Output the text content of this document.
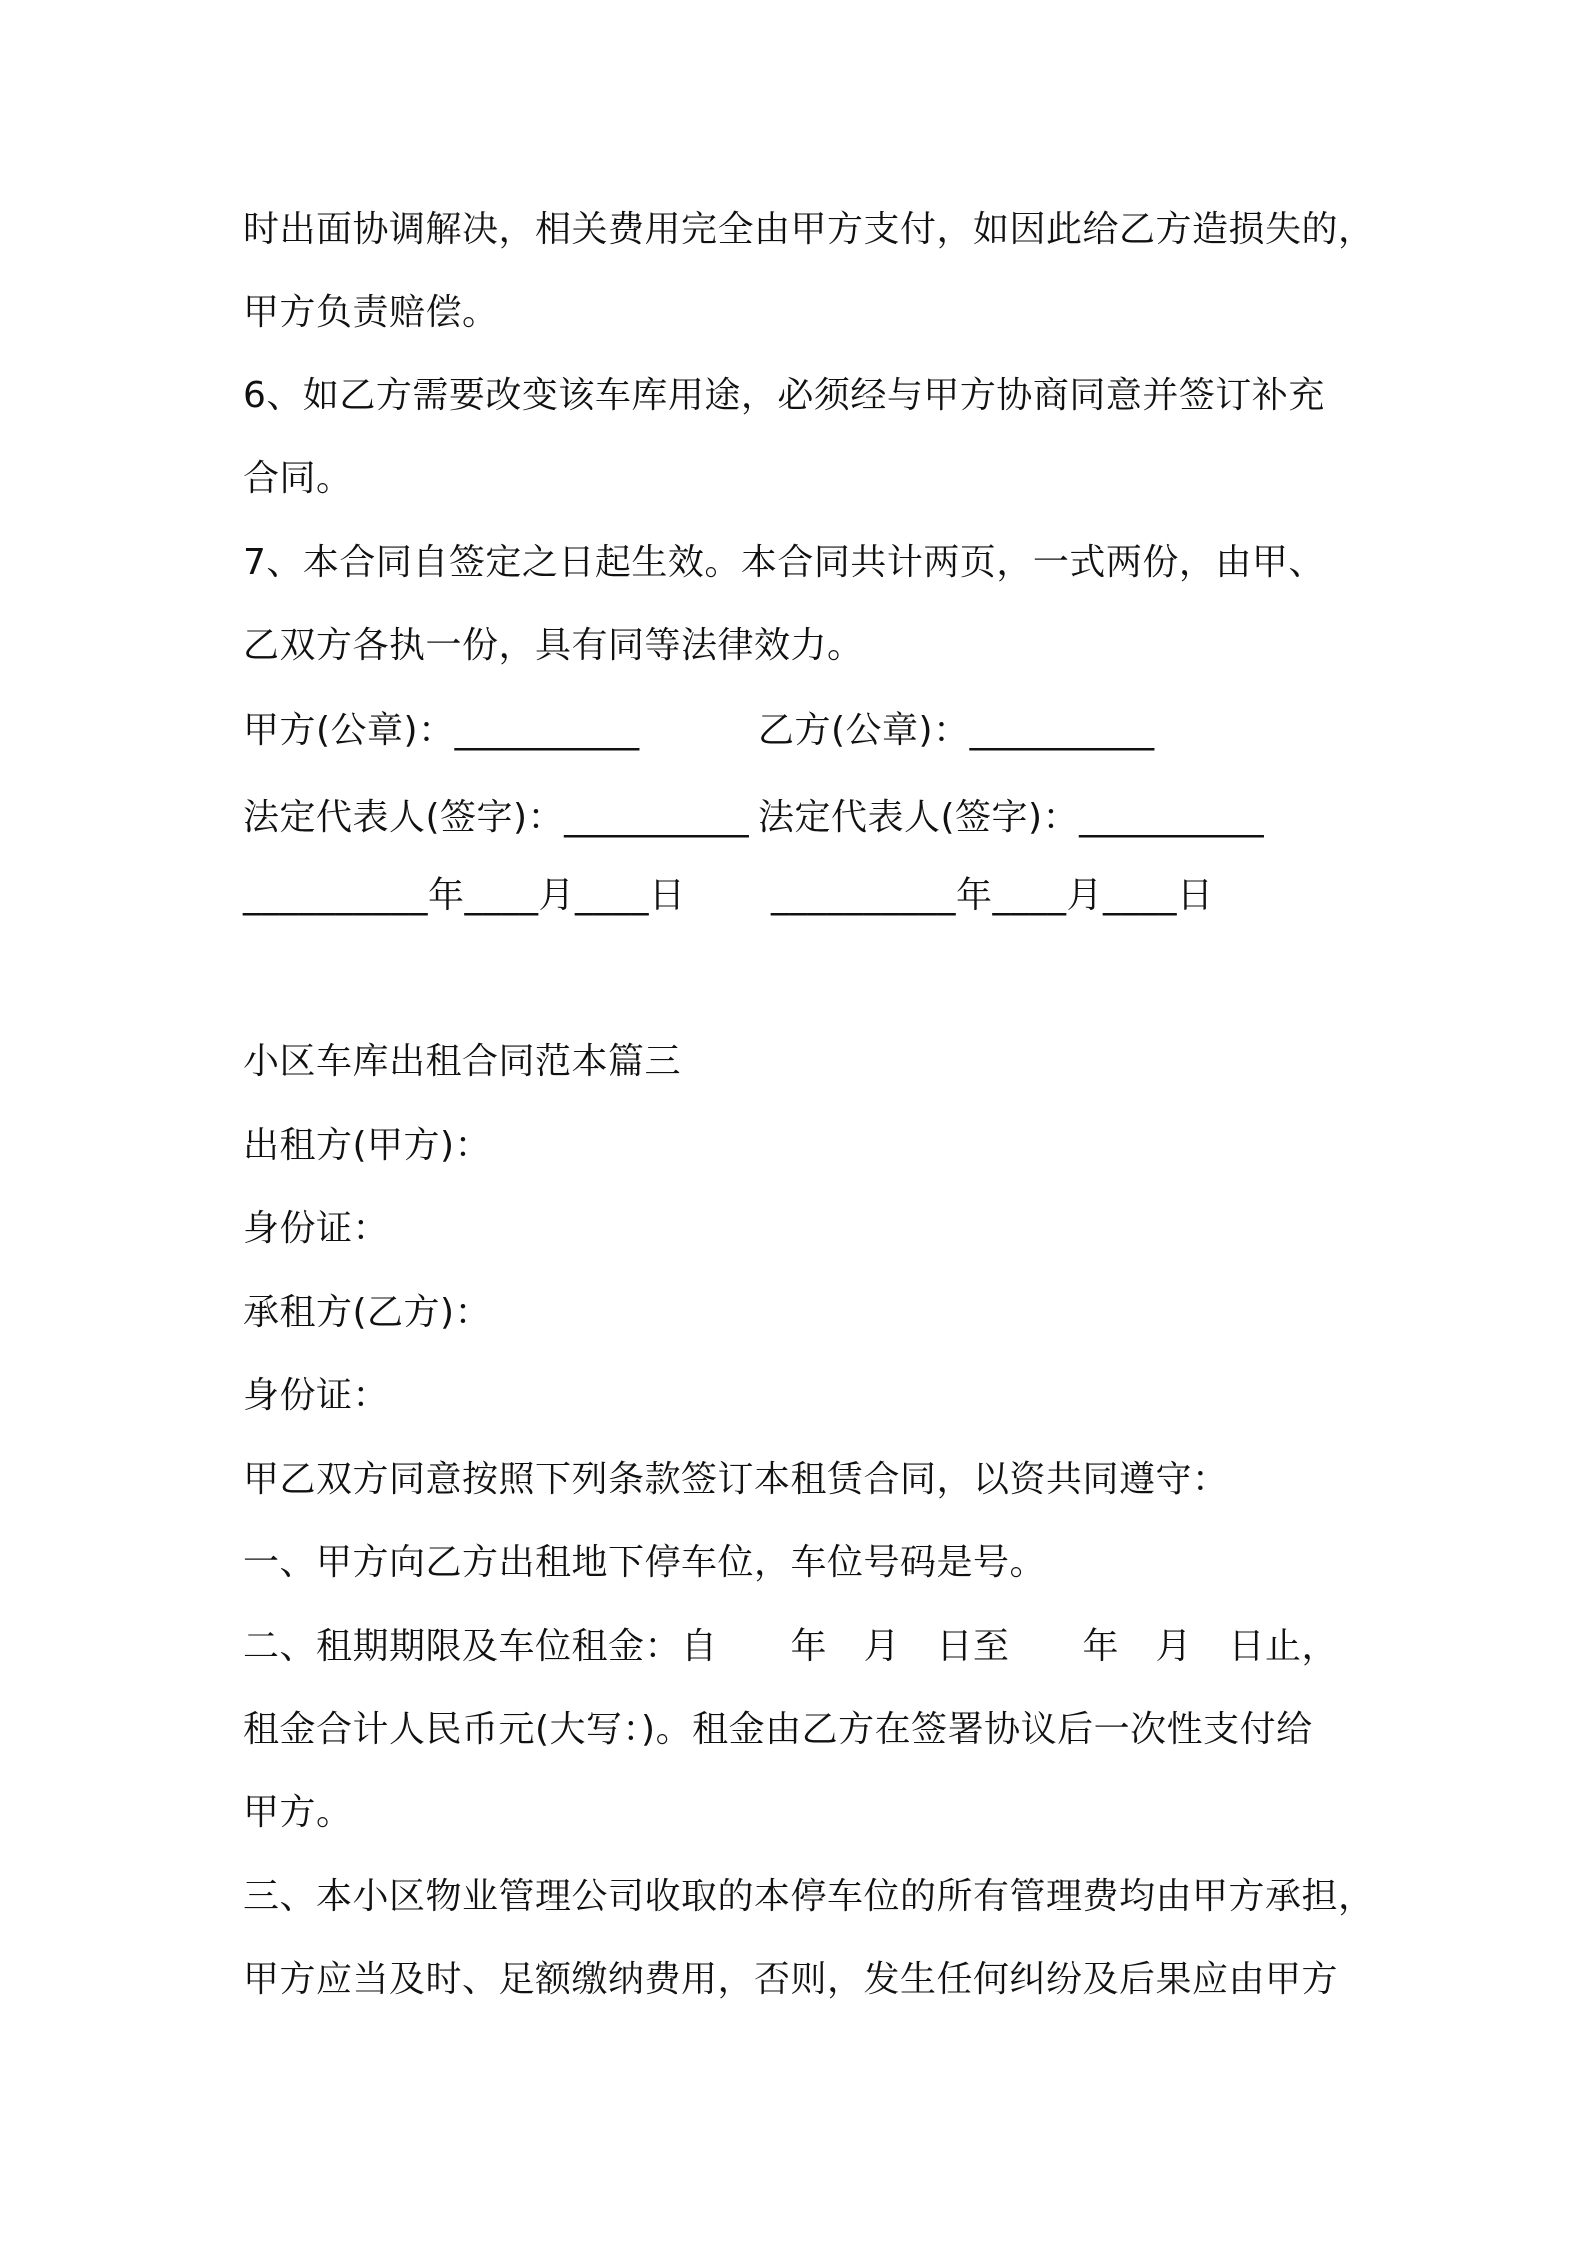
时出面协调解决，相关费用完全由甲方支付，如因此给乙方造损失的，
甲方负责赔偿。
6、如乙方需要改变该车库用途，必须经与甲方协商同意并签订补充
合同。
7、本合同自签定之日起生效。本合同共计两页，一式两份，由甲、
乙双方各执一份，具有同等法律效力。
甲方(公章)：__________	乙方(公章)：__________
法定代表人(签字)：__________ 法定代表人(签字)：__________
__________年____月____日 __________年____月____日
小区车库出租合同范本篇三
出租方(甲方)：
身份证：
承租方(乙方)：
身份证：
甲乙双方同意按照下列条款签订本租赁合同，以资共同遵守：
一、甲方向乙方出租地下停车位，车位号码是号。
二、租期期限及车位租金：自　　年　月　日至　　年　月　日止，
租金合计人民币元(大写：)。租金由乙方在签署协议后一次性支付给
甲方。
三、本小区物业管理公司收取的本停车位的所有管理费均由甲方承担，
甲方应当及时、足额缴纳费用，否则，发生任何纠纷及后果应由甲方
